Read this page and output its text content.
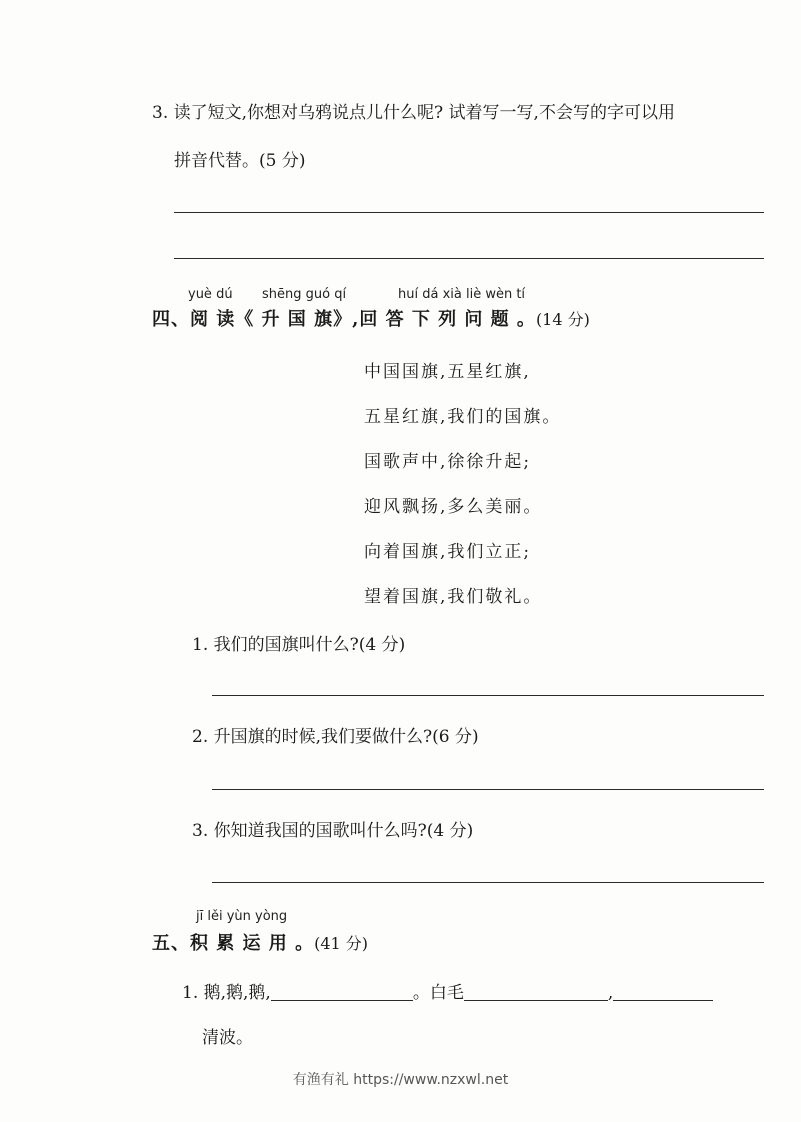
3. 读了短文,你想对乌鸦说点儿什么呢? 试着写一写,不会写的字可以用
拼音代替。(5 分)
yuè dú shēng guó qí	huí dá xià liè wèn tí
四、阅 读《 升 国 旗》,回 答 下 列 问 题 。(14 分)
中国国旗,五星红旗,
五星红旗,我们的国旗。
国歌声中,徐徐升起;
迎风飘扬,多么美丽。
向着国旗,我们立正;
望着国旗,我们敬礼。
1. 我们的国旗叫什么?(4 分)
2. 升国旗的时候,我们要做什么?(6 分)
3. 你知道我国的国歌叫什么吗?(4 分)
jī lěi yùn yòng
五、积 累 运 用 。(41 分)
1. 鹅,鹅,鹅,	。白毛	,
清波。
有渔有礼 https://www.nzxwl.net
